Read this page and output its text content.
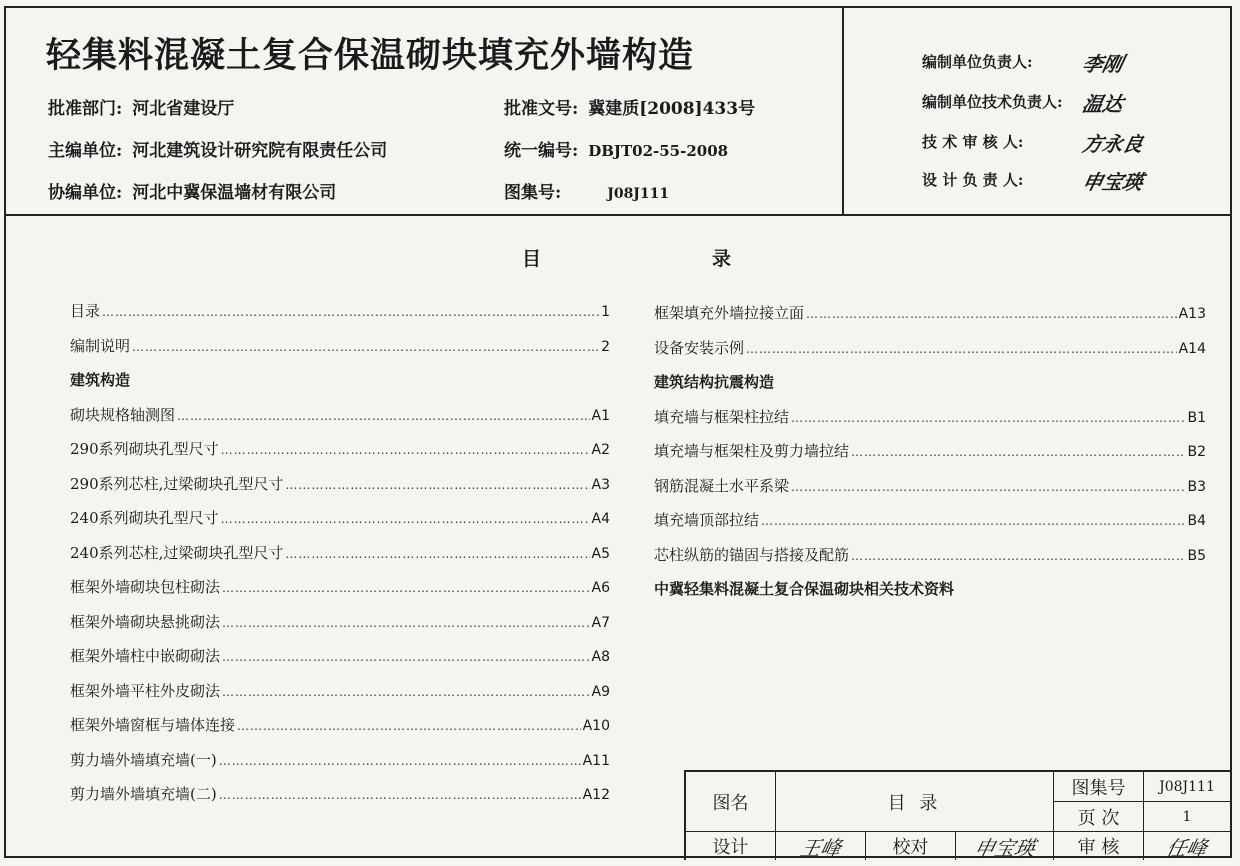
轻集料混凝土复合保温砌块填充外墙构造
批准部门: 河北省建设厅	批准文号: 冀建质[2008]433号
主编单位: 河北建筑设计研究院有限责任公司	统一编号: DBJT02-55-2008
协编单位: 河北中冀保温墙材有限公司	图集号:	J08J111
编制单位负责人: 李刚
编制单位技术负责人: 温达
技 术 审 核 人:	方永良
设 计 负 责 人:	申宝瑛
目	录
目录 …………………………………………………………………………………………………………………………………………………………	1
编制说明 …………………………………………………………………………………………………………………………………………………………	2
建筑构造
砌块规格轴测图 …………………………………………………………………………………………………………………………………………………………	A1
290系列砌块孔型尺寸 …………………………………………………………………………………………………………………………………………………………	A2
290系列芯柱,过梁砌块孔型尺寸 …………………………………………………………………………………………………………………………………………………………	A3
240系列砌块孔型尺寸 …………………………………………………………………………………………………………………………………………………………	A4
240系列芯柱,过梁砌块孔型尺寸 …………………………………………………………………………………………………………………………………………………………	A5
框架外墙砌块包柱砌法 …………………………………………………………………………………………………………………………………………………………	A6
框架外墙砌块悬挑砌法 …………………………………………………………………………………………………………………………………………………………	A7
框架外墙柱中嵌砌砌法 …………………………………………………………………………………………………………………………………………………………	A8
框架外墙平柱外皮砌法 …………………………………………………………………………………………………………………………………………………………	A9
框架外墙窗框与墙体连接 …………………………………………………………………………………………………………………………………………………………	A10
剪力墙外墙填充墙(一) …………………………………………………………………………………………………………………………………………………………	A11
剪力墙外墙填充墙(二) …………………………………………………………………………………………………………………………………………………………	A12
框架填充外墙拉接立面 …………………………………………………………………………………………………………………………………………………………	A13
设备安装示例 …………………………………………………………………………………………………………………………………………………………	A14
建筑结构抗震构造
填充墙与框架柱拉结 …………………………………………………………………………………………………………………………………………………………	B1
填充墙与框架柱及剪力墙拉结 …………………………………………………………………………………………………………………………………………………………	B2
钢筋混凝土水平系梁 …………………………………………………………………………………………………………………………………………………………	B3
填充墙顶部拉结 …………………………………………………………………………………………………………………………………………………………	B4
芯柱纵筋的锚固与搭接及配筋 …………………………………………………………………………………………………………………………………………………………	B5
中冀轻集料混凝土复合保温砌块相关技术资料
图名	目 录
图集号	J08J111
页 次	1
设计	王峰	校对	申宝瑛	审 核	任峰
